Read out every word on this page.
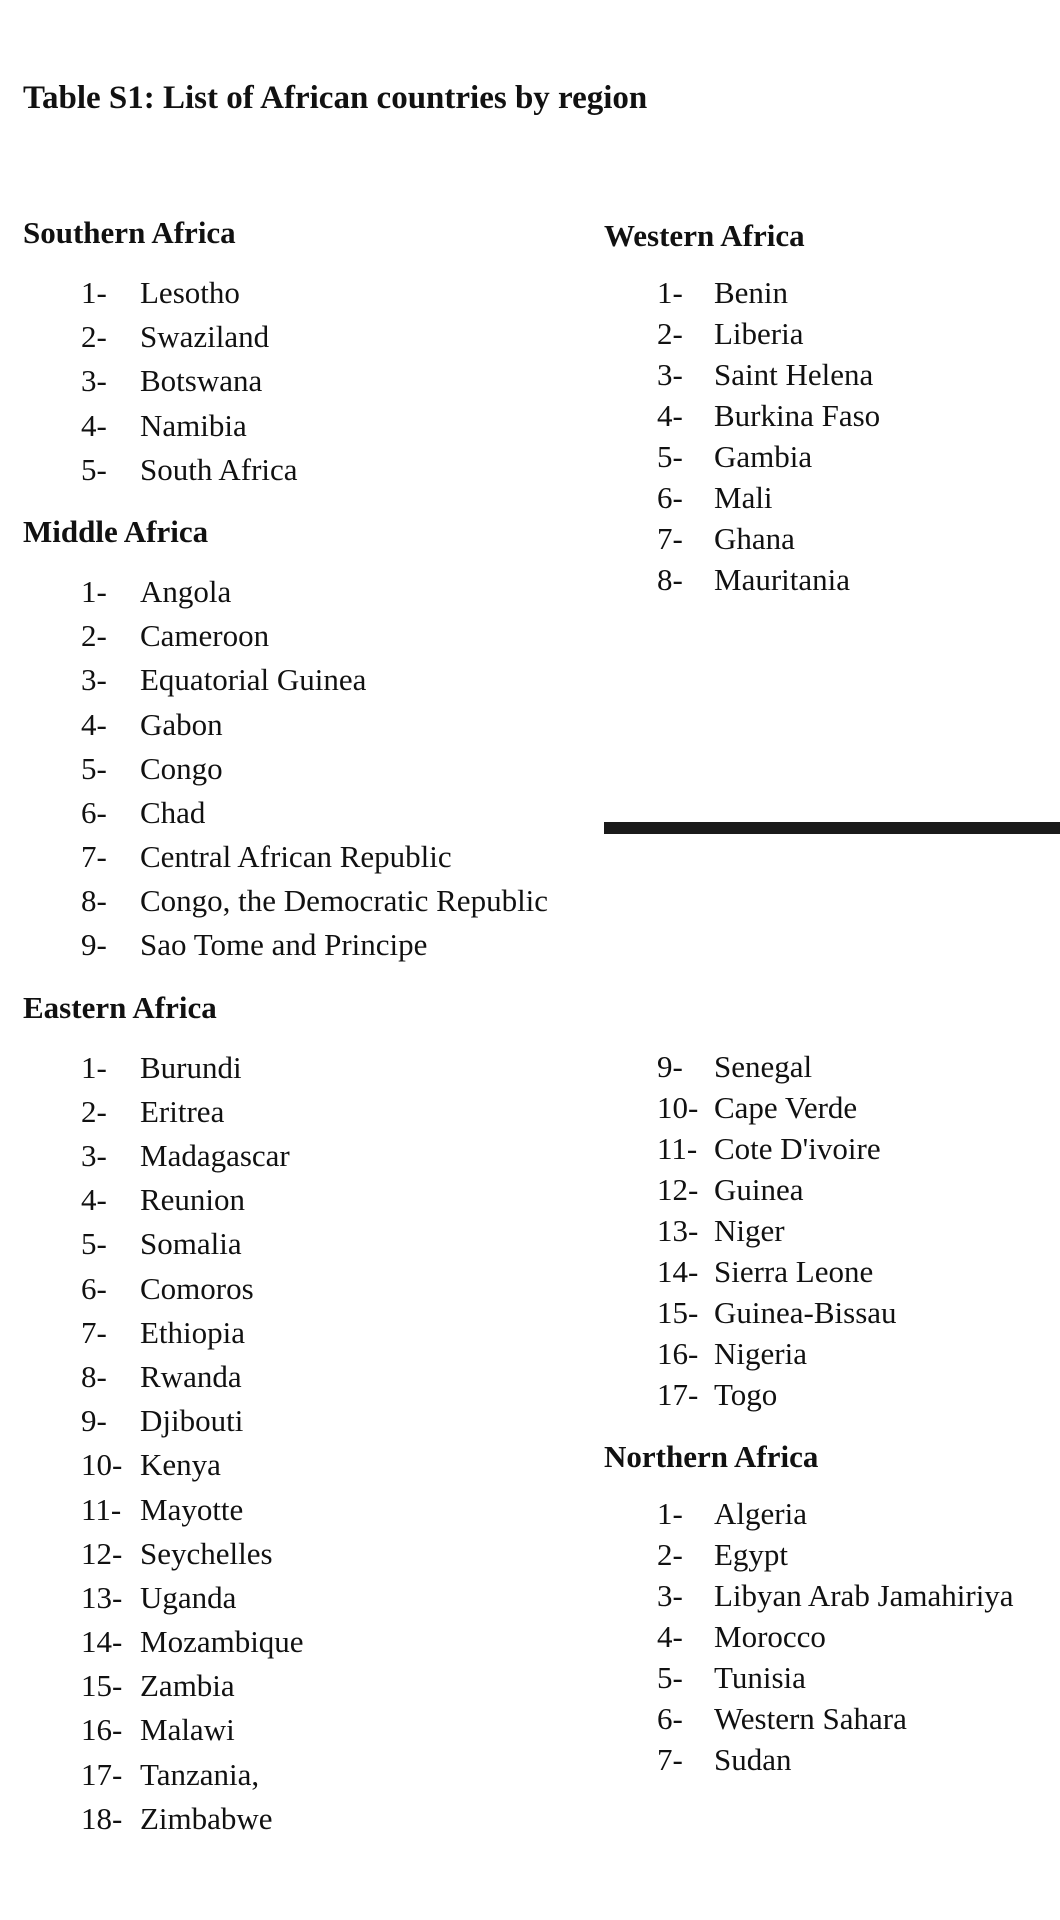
Table S1: List of African countries by region
Southern Africa
1-	Lesotho
2-	Swaziland
3-	Botswana
4-	Namibia
5-	South Africa
Middle Africa
1-	Angola
2-	Cameroon
3-	Equatorial Guinea
4-	Gabon
5-	Congo
6-	Chad
7-	Central African Republic
8-	Congo, the Democratic Republic
9-	Sao Tome and Principe
Eastern Africa
1-	Burundi
2-	Eritrea
3-	Madagascar
4-	Reunion
5-	Somalia
6-	Comoros
7-	Ethiopia
8-	Rwanda
9-	Djibouti
10- Kenya
11- Mayotte
12- Seychelles
13- Uganda
14- Mozambique
15- Zambia
16- Malawi
17- Tanzania,
18- Zimbabwe
Western Africa
1-	Benin
2-	Liberia
3-	Saint Helena
4-	Burkina Faso
5-	Gambia
6-	Mali
7-	Ghana
8-	Mauritania
9-	Senegal
10- Cape Verde
11- Cote D'ivoire
12- Guinea
13- Niger
14- Sierra Leone
15- Guinea-Bissau
16- Nigeria
17- Togo
Northern Africa
1-	Algeria
2-	Egypt
3-	Libyan Arab Jamahiriya
4-	Morocco
5-	Tunisia
6-	Western Sahara
7-	Sudan
